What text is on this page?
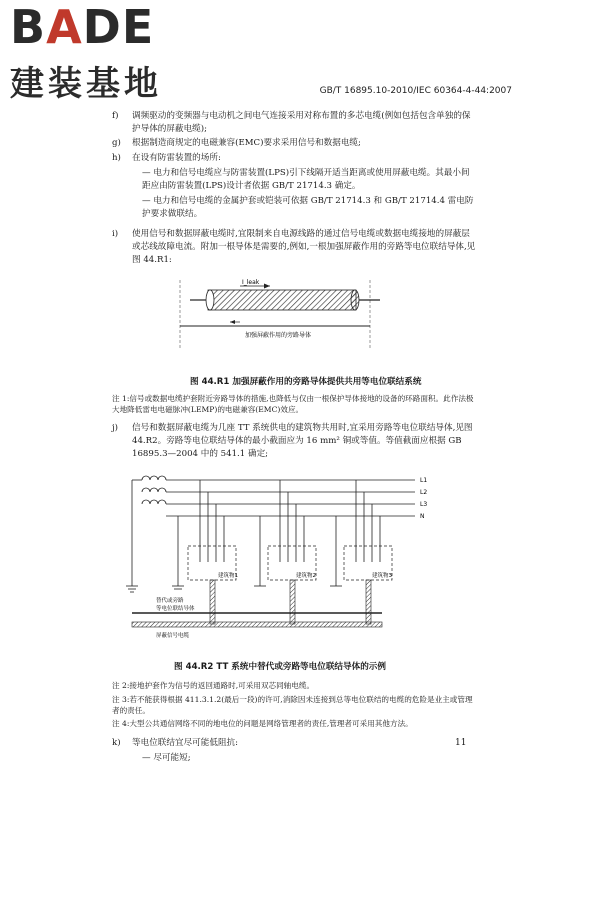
BADE
建装基地	GB/T 16895.10-2010/IEC 60364-4-44:2007
f) 调频驱动的变频器与电动机之间电气连接采用对称布置的多芯电缆(例如包括包含单独的保护导体的屏蔽电缆);
g) 根据制造商规定的电磁兼容(EMC)要求采用信号和数据电缆;
h) 在设有防雷装置的场所:
— 电力和信号电缆应与防雷装置(LPS)引下线隔开适当距离或使用屏蔽电缆。其最小间距应由防雷装置(LPS)设计者依据 GB/T 21714.3 确定。
— 电力和信号电缆的金属护套或铠装可依据 GB/T 21714.3 和 GB/T 21714.4 雷电防护要求做联结。
i) 使用信号和数据屏蔽电缆时,宜限制来自电源线路的通过信号电缆或数据电缆接地的屏蔽层或芯线故障电流。附加一根导体是需要的,例如,一根加强屏蔽作用的旁路等电位联结导体,见图 44.R1:
I_leak
加强屏蔽作用的旁路导体
图 44.R1 加强屏蔽作用的旁路导体提供共用等电位联结系统
注 1:信号或数据电缆护套附近旁路导体的措施,也降低与仅由一根保护导体接地的设备的环路面积。此作法极大地降低雷电电磁脉冲(LEMP)的电磁兼容(EMC)效应。
j) 信号和数据屏蔽电缆为几座 TT 系统供电的建筑物共用时,宜采用旁路等电位联结导体,见图 44.R2。旁路等电位联结导体的最小截面应为 16 mm² 铜或等值。等值截面应根据 GB 16895.3—2004 中的 541.1 确定;
L1
L2
L3
N
建筑物1	建筑物2	建筑物3
替代或旁路
等电位联结导体
屏蔽信号电缆
图 44.R2 TT 系统中替代或旁路等电位联结导体的示例
注 2:接地护套作为信号的返回通路时,可采用双芯同轴电缆。
注 3:若不能获得根据 411.3.1.2(最后一段)的许可,消除因未连接到总等电位联结的电缆的危险是业主或管理者的责任。
注 4:大型公共通信网络不同的地电位的问题是网络管理者的责任,管理者可采用其他方法。
k) 等电位联结宜尽可能低阻抗:
— 尽可能短;
11
